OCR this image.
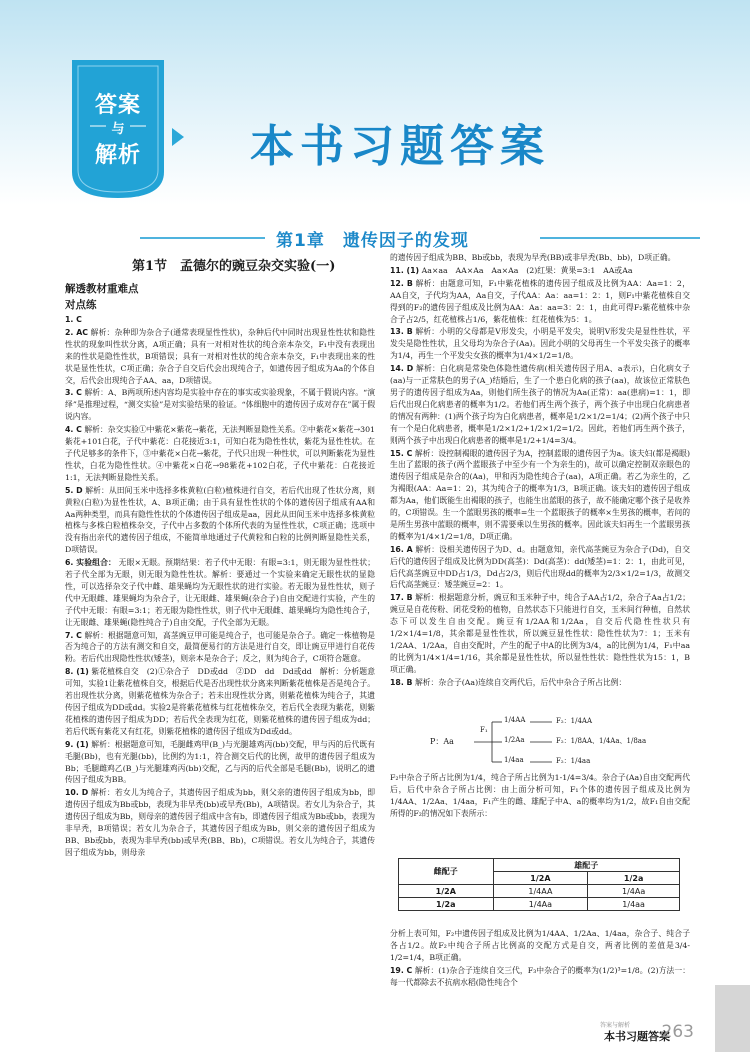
答案
与
解析	本书习题答案
第1章　遗传因子的发现
第1节　孟德尔的豌豆杂交实验(一)
解透教材重难点
对点练

1. C

2. AC 解析：杂种即为杂合子(通常表现显性性状)，杂种后代中同时出现显性性状和隐性性状的现象叫性状分离，A项正确；具有一对相对性状的纯合亲本杂交，F₁中没有表现出来的性状是隐性性状，B项错误；具有一对相对性状的纯合亲本杂交，F₁中表现出来的性状是显性性状，C项正确；杂合子自交后代会出现纯合子，如遗传因子组成为Aa的个体自交，后代会出现纯合子AA、aa，D项错误。

3. C 解析：A、B两项所述内容均是实验中存在的事实或实验现象，不属于假说内容。“演绎”是推理过程，“测交实验”是对实验结果的验证。“体细胞中的遗传因子成对存在”属于假说内容。

4. C 解析：杂交实验①中紫花×紫花→紫花，无法判断显隐性关系。②中紫花×紫花→301紫花+101白花，子代中紫花：白花接近3:1，可知白花为隐性性状，紫花为显性性状。在子代足够多的条件下，③中紫花×白花→紫花，子代只出现一种性状，可以判断紫花为显性性状，白花为隐性性状。④中紫花×白花→98紫花+102白花，子代中紫花：白花接近1:1，无法判断显隐性关系。

5. D 解析：从田间玉米中选择多株黄粒(白粒)植株进行自交，若后代出现了性状分离，则黄粒(白粒)为显性性状，A、B项正确；由于具有显性性状的个体的遗传因子组成有AA和Aa两种类型，而具有隐性性状的个体遗传因子组成是aa，因此从田间玉米中选择多株黄粒植株与多株白粒植株杂交，子代中占多数的个体所代表的为显性性状，C项正确；选项中没有指出亲代的遗传因子组成，不能简单地通过子代黄粒和白粒的比例判断显隐性关系，D项错误。

6. 实验组合： 无眼×无眼。预期结果：若子代中无眼：有眼=3:1，则无眼为显性性状；若子代全部为无眼，则无眼为隐性性状。解析：要通过一个实验来确定无眼性状的显隐性，可以选择杂交子代中雌、雄果蝇均为无眼性状的进行实验。若无眼为显性性状，则子代中无眼雌、雄果蝇均为杂合子，让无眼雌、雄果蝇(杂合子)自由交配进行实验，产生的子代中无眼：有眼=3:1；若无眼为隐性性状，则子代中无眼雌、雄果蝇均为隐性纯合子，让无眼雌、雄果蝇(隐性纯合子)自由交配，子代全部为无眼。

7. C 解析：根据题意可知，高茎豌豆甲可能是纯合子，也可能是杂合子。确定一株植物是否为纯合子的方法有测交和自交，最简便易行的方法是进行自交，即让豌豆甲进行自花传粉。若后代出现隐性性状(矮茎)，则亲本是杂合子；反之，则为纯合子，C项符合题意。

8. (1) 紫花植株自交　(2)①杂合子　DD或dd　②DD　dd　Dd或dd　解析：分析题意可知，实验1让紫花植株自交，根据后代是否出现性状分离来判断紫花植株是否是纯合子。若出现性状分离，则紫花植株为杂合子；若未出现性状分离，则紫花植株为纯合子，其遗传因子组成为DD或dd。实验2是将紫花植株与红花植株杂交，若后代全表现为紫花，则紫花植株的遗传因子组成为DD；若后代全表现为红花，则紫花植株的遗传因子组成为dd；若后代既有紫花又有红花，则紫花植株的遗传因子组成为Dd或dd。

9. (1) 解析：根据题意可知，毛腿雌鸡甲(B_)与光腿雄鸡丙(bb)交配，甲与丙的后代既有毛腿(Bb)，也有光腿(bb)，比例约为1:1，符合测交后代的比例，故甲的遗传因子组成为Bb；毛腿雌鸡乙(B_)与光腿雄鸡丙(bb)交配，乙与丙的后代全部是毛腿(Bb)，说明乙的遗传因子组成为BB。

10. D 解析：若女儿为纯合子，其遗传因子组成为bb，则父亲的遗传因子组成为bb，即遗传因子组成为Bb或bb，表现为非早秃(bb)或早秃(Bb)，A项错误。若女儿为杂合子，其遗传因子组成为Bb，则母亲的遗传因子组成中含有b，即遗传因子组成为Bb或bb，表现为非早秃，B项错误；若女儿为杂合子，其遗传因子组成为Bb，则父亲的遗传因子组成为BB、Bb或bb，表现为非早秃(bb)或早秃(BB、Bb)，C项错误。若女儿为纯合子，其遗传因子组成为bb，则母亲

的遗传因子组成为BB、Bb或bb，表现为早秃(BB)或非早秃(Bb、bb)，D项正确。

11. (1) Aa×aa　AA×Aa　Aa×Aa　(2)红果：黄果=3:1　AA或Aa

12. B 解析：由题意可知，F₁中紫花植株的遗传因子组成及比例为AA：Aa=1：2，AA自交，子代均为AA，Aa自交，子代AA：Aa：aa=1：2：1，则F₁中紫花植株自交得到的F₂的遗传因子组成及比例为AA：Aa：aa=3：2：1，由此可得F₂紫花植株中杂合子占2/5，红花植株占1/6，紫花植株：红花植株为5：1。

13. B 解析：小明的父母都是V形发尖，小明是平发尖，说明V形发尖是显性性状，平发尖是隐性性状，且父母均为杂合子(Aa)。因此小明的父母再生一个平发尖孩子的概率为1/4，再生一个平发尖女孩的概率为1/4×1/2=1/8。

14. D 解析：白化病是常染色体隐性遗传病(相关遗传因子用A、a表示)，白化病女子(aa)与一正常肤色的男子(A_)结婚后，生了一个患白化病的孩子(aa)，故该位正常肤色男子的遗传因子组成为Aa，则他们所生孩子的情况为Aa(正常)：aa(患病)=1：1，即后代出现白化病患者的概率为1/2。若他们再生两个孩子，两个孩子中出现白化病患者的情况有两种：(1)两个孩子均为白化病患者，概率是1/2×1/2=1/4；(2)两个孩子中只有一个是白化病患者，概率是1/2×1/2+1/2×1/2=1/2。因此，若他们再生两个孩子，则两个孩子中出现白化病患者的概率是1/2+1/4=3/4。

15. C 解析：设控制褐眼的遗传因子为A，控制蓝眼的遗传因子为a。该夫妇(都是褐眼)生出了蓝眼的孩子(两个蓝眼孩子中至少有一个为亲生的)，故可以确定控制双亲眼色的遗传因子组成是杂合的(Aa)，甲和丙为隐性纯合子(aa)，A项正确。若乙为亲生的，乙为褐眼(AA：Aa=1：2)，其为纯合子的概率为1/3，B项正确。该夫妇的遗传因子组成都为Aa，他们既能生出褐眼的孩子，也能生出蓝眼的孩子，故不能确定哪个孩子是收养的，C项错误。生一个蓝眼男孩的概率=生一个蓝眼孩子的概率×生男孩的概率，若问的是所生男孩中蓝眼的概率，则不需要乘以生男孩的概率。因此该夫妇再生一个蓝眼男孩的概率为1/4×1/2=1/8，D项正确。

16. A 解析：设相关遗传因子为D、d。由题意知，亲代高茎豌豆为杂合子(Dd)，自交后代的遗传因子组成及比例为DD(高茎)：Dd(高茎)：dd(矮茎)=1：2：1，由此可见，后代高茎豌豆中DD占1/3，Dd占2/3，则后代出现dd的概率为2/3×1/2=1/3，故测交后代高茎豌豆：矮茎豌豆=2：1。

17. B 解析：根据题意分析，豌豆和玉米种子中，纯合子AA占1/2，杂合子Aa占1/2；豌豆是自花传粉、闭花受粉的植物，自然状态下只能进行自交，玉米间行种植，自然状态下可以发生自由交配。豌豆有1/2AA和1/2Aa，自交后代隐性性状只有1/2×1/4=1/8，其余都是显性性状，所以豌豆显性性状：隐性性状为7：1；玉米有1/2AA、1/2Aa，自由交配时，产生的配子中A的比例为3/4，a的比例为1/4，F₁中aa的比例为1/4×1/4=1/16，其余都是显性性状，所以显性性状：隐性性状为15：1，B项正确。

18. B 解析：杂合子(Aa)连续自交两代后，后代中杂合子所占比例：

P：Aa
F₁
1/4AA	F₂：1/4AA
1/2Aa	F₂：1/8AA、1/4Aa、1/8aa
1/4aa	F₂：1/4aa

F₂中杂合子所占比例为1/4，纯合子所占比例为1-1/4=3/4。杂合子(Aa)自由交配两代后，后代中杂合子所占比例：由上面分析可知，F₁个体的遗传因子组成及比例为1/4AA、1/2Aa、1/4aa，F₁产生的雌、雄配子中A、a的概率均为1/2，故F₁自由交配所得的F₂的情况如下表所示：

雌配子	雄配子	
	1/2A	1/2a
1/2A	1/4AA	1/4Aa
1/2a	1/4Aa	1/4aa

分析上表可知，F₂中遗传因子组成及比例为1/4AA、1/2Aa、1/4aa，杂合子、纯合子各占1/2。故F₂中纯合子所占比例高的交配方式是自交，两者比例的差值是3/4-1/2=1/4，B项正确。

19. C 解析：(1)杂合子连续自交三代，F₃中杂合子的概率为(1/2)³=1/8。(2)方法一：每一代都除去不抗病水稻(隐性纯合个

答案与解析
本书习题答案
263
